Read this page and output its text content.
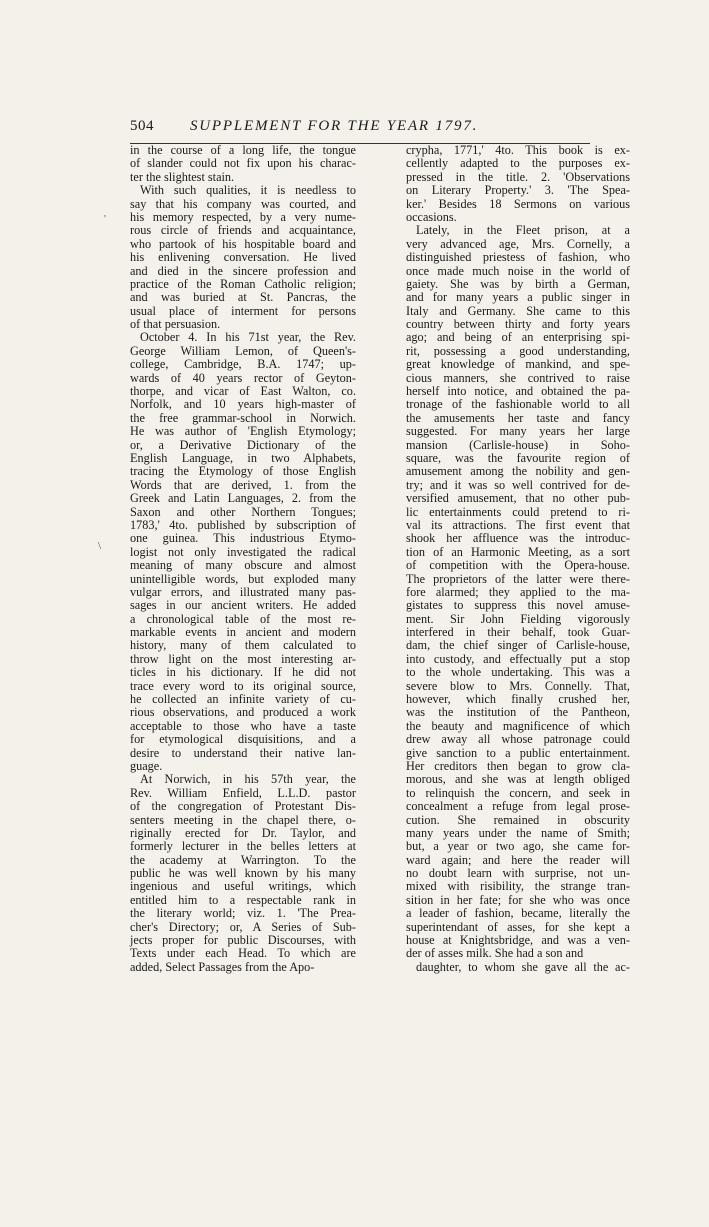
504 SUPPLEMENT FOR THE YEAR 1797.
'
\
in the course of a long life, the tongue
of slander could not fix upon his charac-
ter the slightest stain.
With such qualities, it is needless to
say that his company was courted, and
his memory respected, by a very nume-
rous circle of friends and acquaintance,
who partook of his hospitable board and
his enlivening conversation. He lived
and died in the sincere profession and
practice of the Roman Catholic religion;
and was buried at St. Pancras, the
usual place of interment for persons
of that persuasion.
October 4. In his 71st year, the Rev.
George William Lemon, of Queen's-
college, Cambridge, B.A. 1747; up-
wards of 40 years rector of Geyton-
thorpe, and vicar of East Walton, co.
Norfolk, and 10 years high-master of
the free grammar-school in Norwich.
He was author of 'English Etymology;
or, a Derivative Dictionary of the
English Language, in two Alphabets,
tracing the Etymology of those English
Words that are derived, 1. from the
Greek and Latin Languages, 2. from the
Saxon and other Northern Tongues;
1783,' 4to. published by subscription of
one guinea. This industrious Etymo-
logist not only investigated the radical
meaning of many obscure and almost
unintelligible words, but exploded many
vulgar errors, and illustrated many pas-
sages in our ancient writers. He added
a chronological table of the most re-
markable events in ancient and modern
history, many of them calculated to
throw light on the most interesting ar-
ticles in his dictionary. If he did not
trace every word to its original source,
he collected an infinite variety of cu-
rious observations, and produced a work
acceptable to those who have a taste
for etymological disquisitions, and a
desire to understand their native lan-
guage.
At Norwich, in his 57th year, the
Rev. William Enfield, L.L.D. pastor
of the congregation of Protestant Dis-
senters meeting in the chapel there, o-
riginally erected for Dr. Taylor, and
formerly lecturer in the belles letters at
the academy at Warrington. To the
public he was well known by his many
ingenious and useful writings, which
entitled him to a respectable rank in
the literary world; viz. 1. 'The Prea-
cher's Directory; or, A Series of Sub-
jects proper for public Discourses, with
Texts under each Head. To which are
added, Select Passages from the Apo-
crypha, 1771,' 4to. This book is ex-
cellently adapted to the purposes ex-
pressed in the title. 2. 'Observations
on Literary Property.' 3. 'The Spea-
ker.' Besides 18 Sermons on various
occasions.
Lately, in the Fleet prison, at a
very advanced age, Mrs. Cornelly, a
distinguished priestess of fashion, who
once made much noise in the world of
gaiety. She was by birth a German,
and for many years a public singer in
Italy and Germany. She came to this
country between thirty and forty years
ago; and being of an enterprising spi-
rit, possessing a good understanding,
great knowledge of mankind, and spe-
cious manners, she contrived to raise
herself into notice, and obtained the pa-
tronage of the fashionable world to all
the amusements her taste and fancy
suggested. For many years her large
mansion (Carlisle-house) in Soho-
square, was the favourite region of
amusement among the nobility and gen-
try; and it was so well contrived for de-
versified amusement, that no other pub-
lic entertainments could pretend to ri-
val its attractions. The first event that
shook her affluence was the introduc-
tion of an Harmonic Meeting, as a sort
of competition with the Opera-house.
The proprietors of the latter were there-
fore alarmed; they applied to the ma-
gistates to suppress this novel amuse-
ment. Sir John Fielding vigorously
interfered in their behalf, took Guar-
dam, the chief singer of Carlisle-house,
into custody, and effectually put a stop
to the whole undertaking. This was a
severe blow to Mrs. Connelly. That,
however, which finally crushed her,
was the institution of the Pantheon,
the beauty and magnificence of which
drew away all whose patronage could
give sanction to a public entertainment.
Her creditors then began to grow cla-
morous, and she was at length obliged
to relinquish the concern, and seek in
concealment a refuge from legal prose-
cution. She remained in obscurity
many years under the name of Smith;
but, a year or two ago, she came for-
ward again; and here the reader will
no doubt learn with surprise, not un-
mixed with risibility, the strange tran-
sition in her fate; for she who was once
a leader of fashion, became, literally the
superintendant of asses, for she kept a
house at Knightsbridge, and was a ven-
der of asses milk. She had a son and
daughter, to whom she gave all the ac-
